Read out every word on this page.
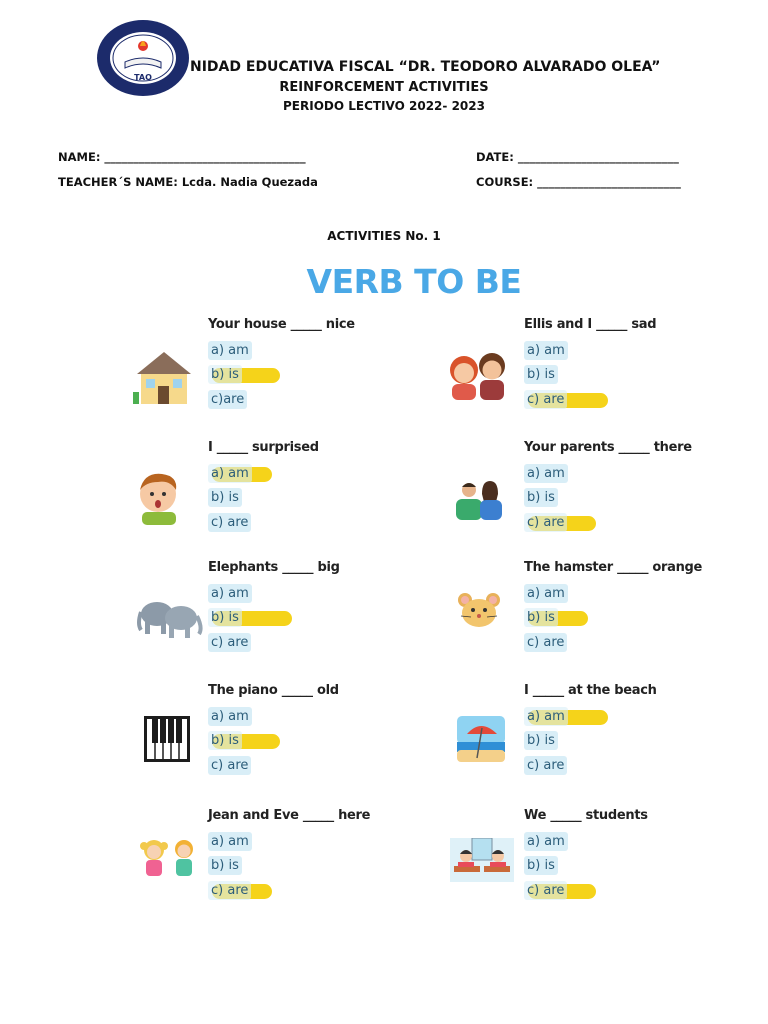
TAO
NIDAD EDUCATIVA FISCAL “DR. TEODORO ALVARADO OLEA”
REINFORCEMENT ACTIVITIES
PERIODO LECTIVO 2022- 2023
NAME: ___________________________________	DATE: ____________________________
TEACHER´S NAME: Lcda. Nadia Quezada	COURSE: _________________________
ACTIVITIES No. 1
VERB TO BE
Your house _____ nice
a) am
b) is
c)are
Ellis and I _____ sad
a) am
b) is
c) are
I _____ surprised
a) am
b) is
c) are
Your parents _____ there
a) am
b) is
c) are
Elephants _____ big
a) am
b) is
c) are
The hamster _____ orange
a) am
b) is
c) are
The piano _____ old
a) am
b) is
c) are
I _____ at the beach
a) am
b) is
c) are
Jean and Eve _____ here
a) am
b) is
c) are
We _____ students
a) am
b) is
c) are
